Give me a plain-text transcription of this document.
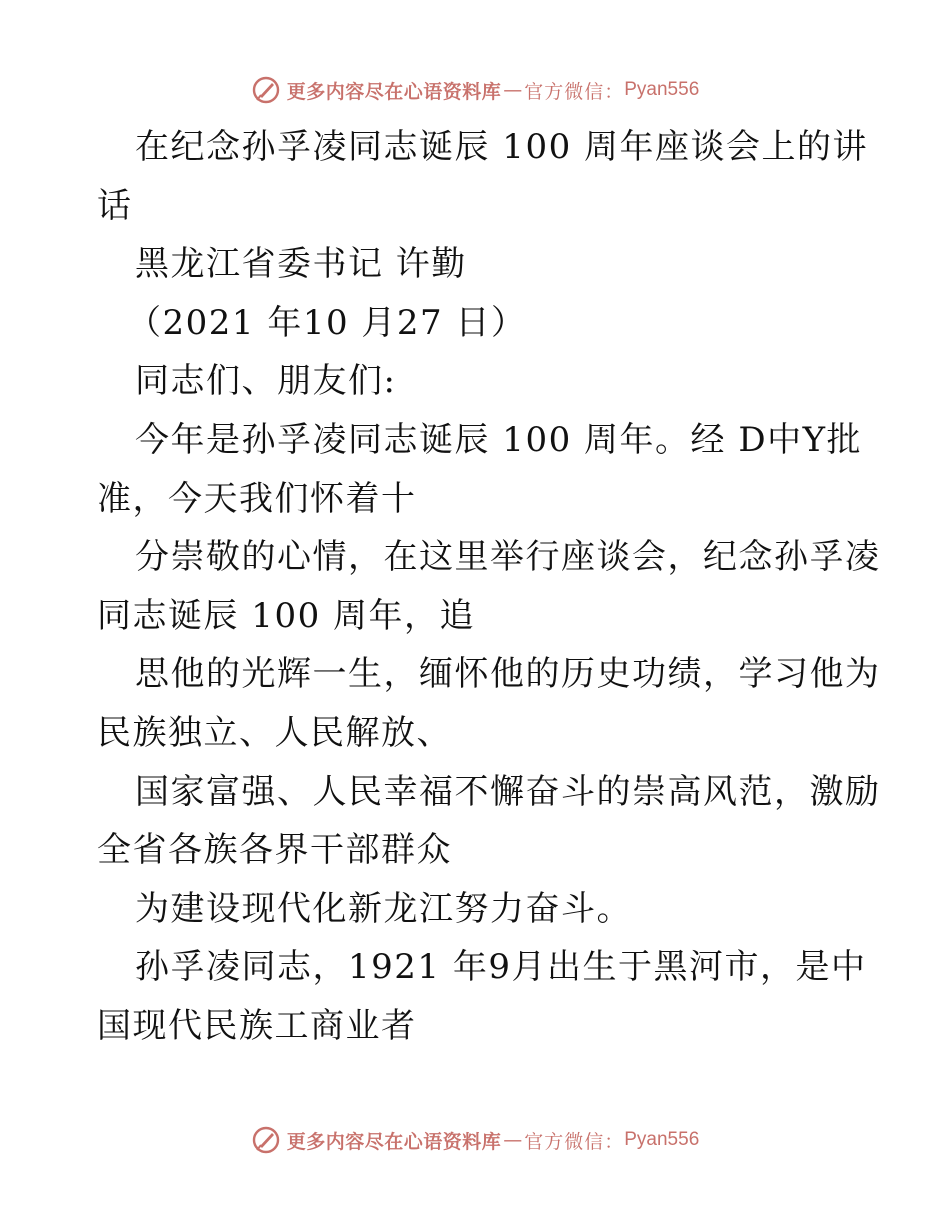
更多内容尽在心语资料库 — 官方微信： Pyan556
在纪念孙孚凌同志诞辰 100 周年座谈会上的讲
话
黑龙江省委书记 许勤
（2021 年10 月27 日）
同志们、朋友们:
今年是孙孚凌同志诞辰 100 周年。经 D中Y批
准，今天我们怀着十
分崇敬的心情，在这里举行座谈会，纪念孙孚凌
同志诞辰 100 周年，追
思他的光辉一生，缅怀他的历史功绩，学习他为
民族独立、人民解放、
国家富强、人民幸福不懈奋斗的崇高风范，激励
全省各族各界干部群众
为建设现代化新龙江努力奋斗。
孙孚凌同志，1921 年9月出生于黑河市，是中
国现代民族工商业者
更多内容尽在心语资料库 — 官方微信： Pyan556
